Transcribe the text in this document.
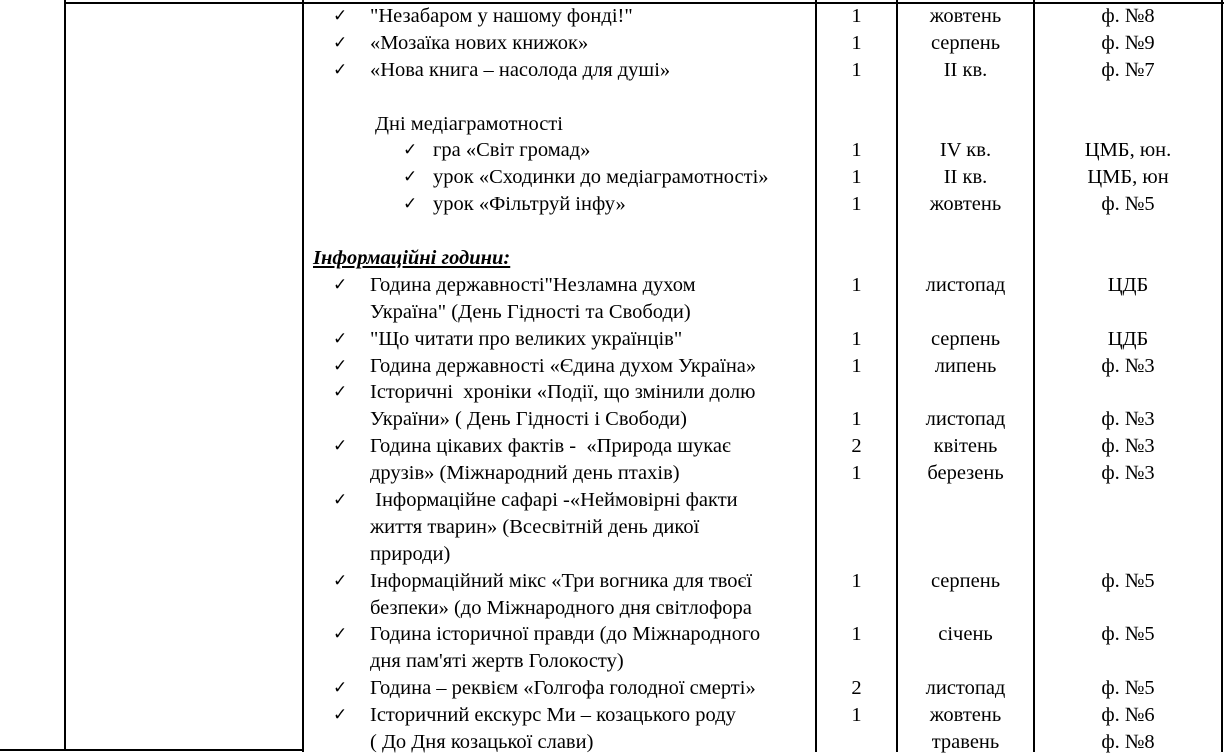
✓ "Незабаром у нашому фонді!"
✓ «Мозаїка нових книжок»
✓ «Нова книга – насолода для душі»
Дні медіаграмотності
✓ гра «Світ громад»
✓ урок «Сходинки до медіаграмотності»
✓ урок «Фільтруй інфу»
Інформаційні години:
✓ Година державності"Незламна духом
Україна" (День Гідності та Свободи)
✓ "Що читати про великих українців"
✓ Година державності «Єдина духом Україна»
✓ Історичні  хроніки «Події, що змінили долю
України» ( День Гідності і Свободи)
✓ Година цікавих фактів -  «Природа шукає
друзів» (Міжнародний день птахів)
✓ Інформаційне сафарі -«Неймовірні факти
життя тварин» (Всесвітній день дикої
природи)
✓ Інформаційний мікс «Три вогника для твоєї
безпеки» (до Міжнародного дня світлофора
✓ Година історичної правди (до Міжнародного
дня пам'яті жертв Голокосту)
✓ Година – реквієм «Голгофа голодної смерті»
✓ Історичний екскурс Ми – козацького роду
( До Дня козацької слави)
1
1
1
1
1
1
1
1
1
1
2
1
1
1
2
1
жовтень
серпень
II кв.
IV кв.
II кв.
жовтень
листопад
серпень
липень
листопад
квітень
березень
серпень
січень
листопад
жовтень
травень
ф. №8
ф. №9
ф. №7
ЦМБ, юн.
ЦМБ, юн
ф. №5
ЦДБ
ЦДБ
ф. №3
ф. №3
ф. №3
ф. №3
ф. №5
ф. №5
ф. №5
ф. №6
ф. №8
